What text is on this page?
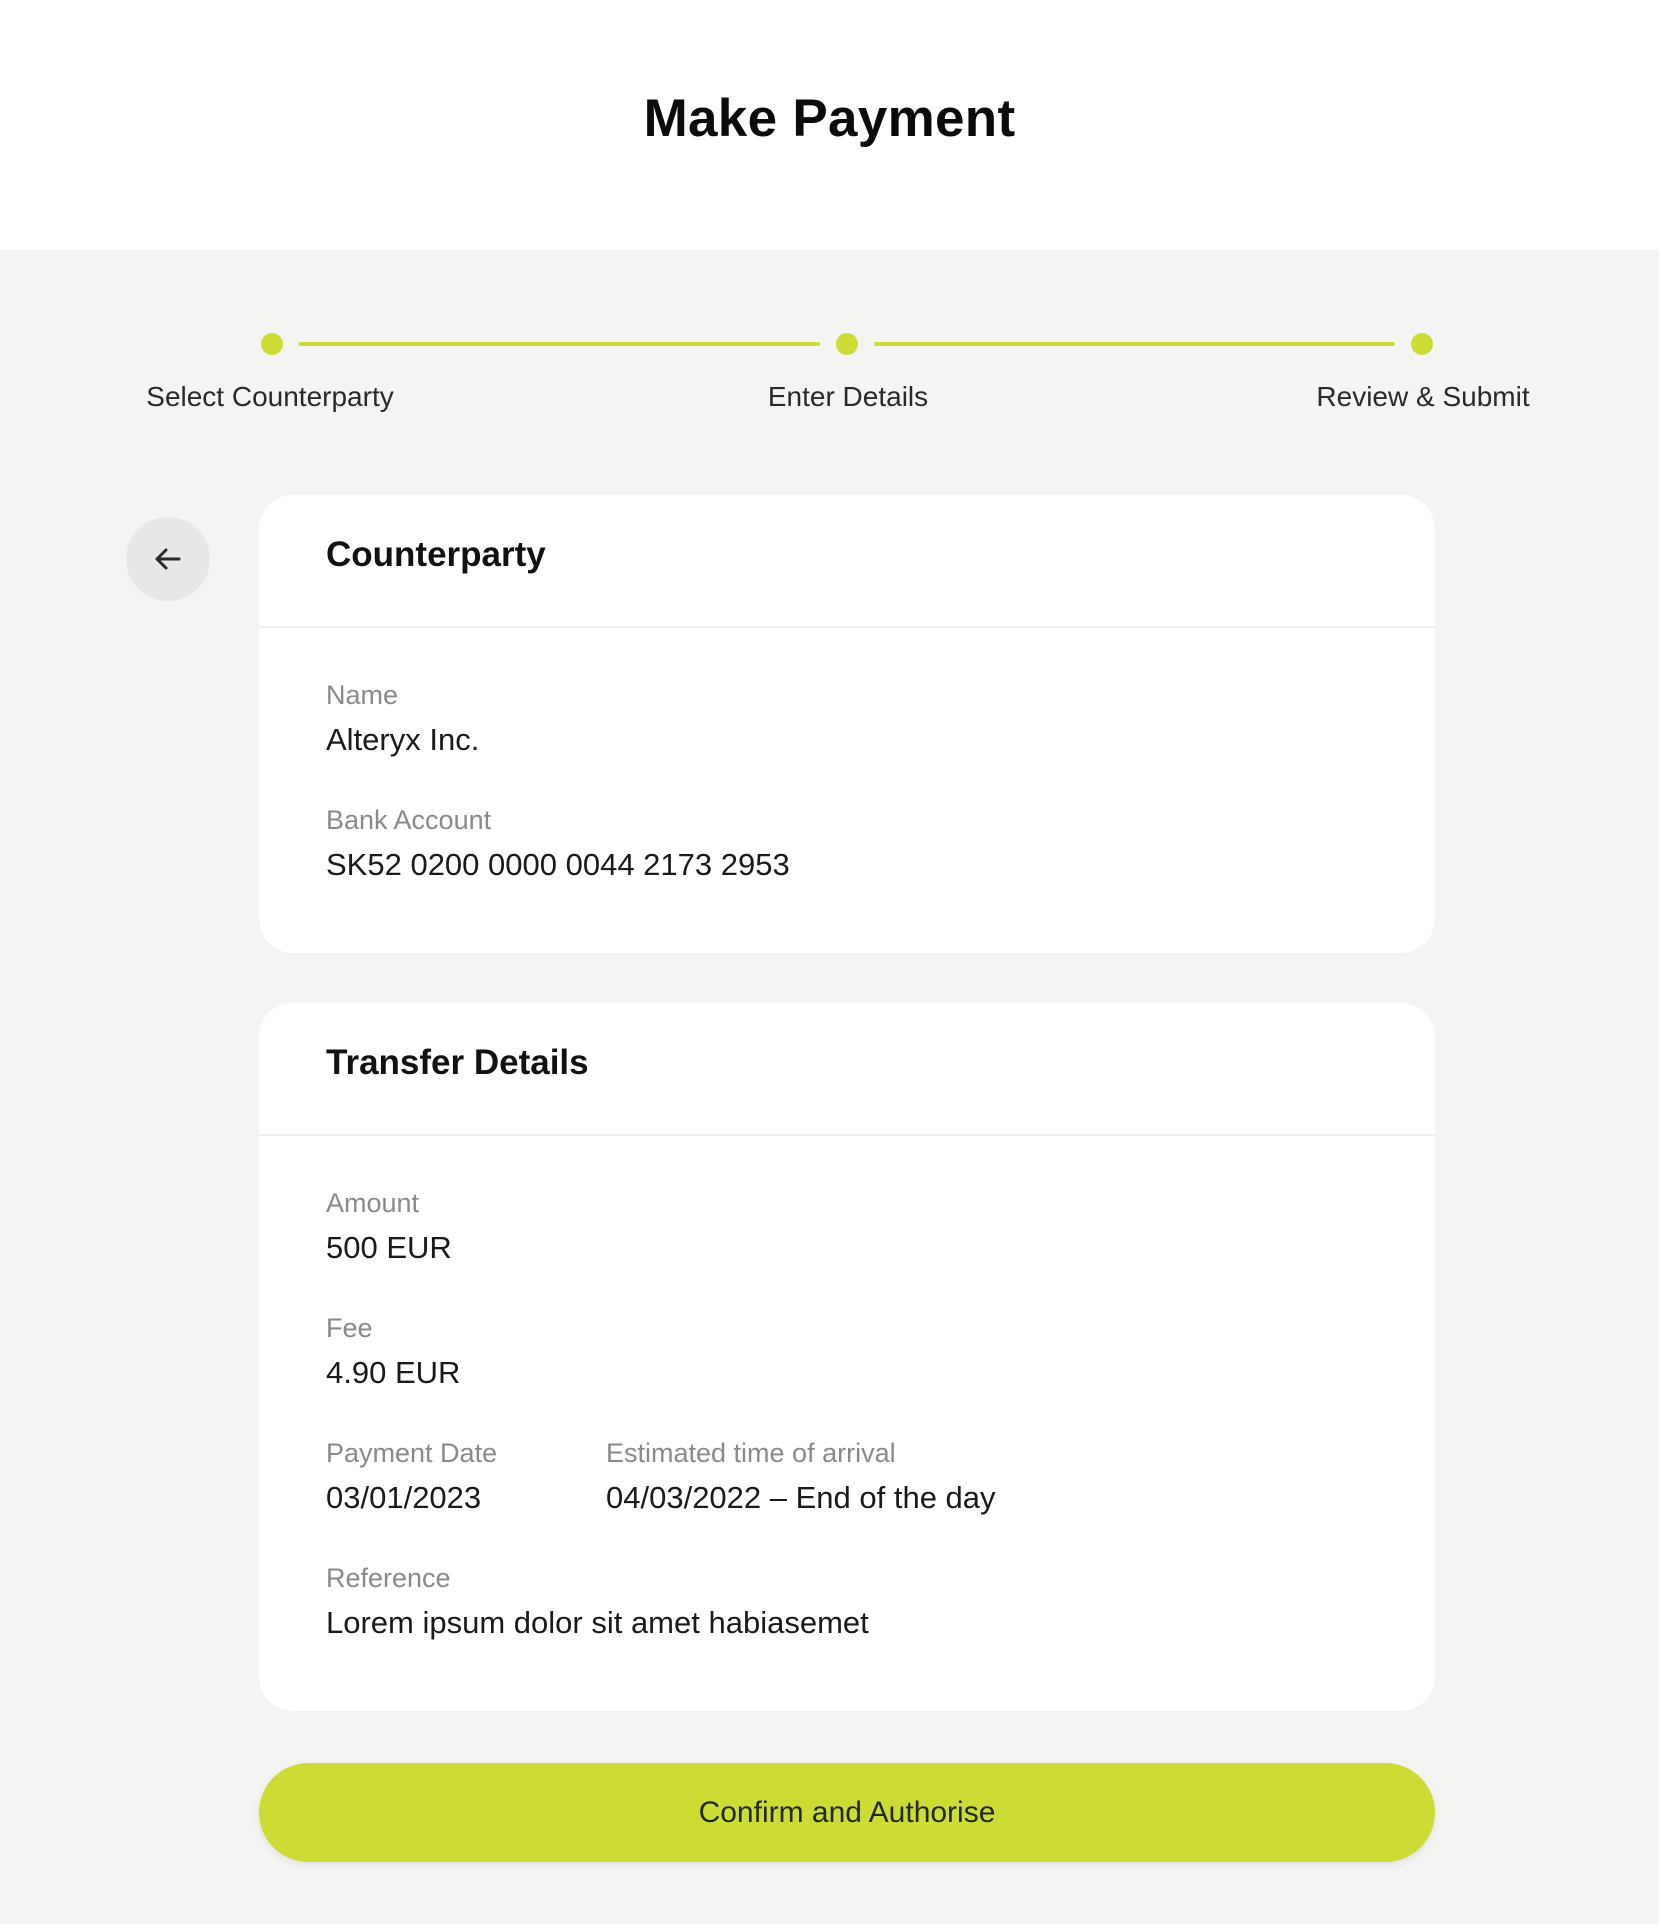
Make Payment
Select Counterparty	Enter Details	Review & Submit
Counterparty
Name
Alteryx Inc.
Bank Account
SK52 0200 0000 0044 2173 2953
Transfer Details
Amount
500 EUR
Fee
4.90 EUR
Payment Date
03/01/2023
Estimated time of arrival
04/03/2022 – End of the day
Reference
Lorem ipsum dolor sit amet habiasemet
Confirm and Authorise
